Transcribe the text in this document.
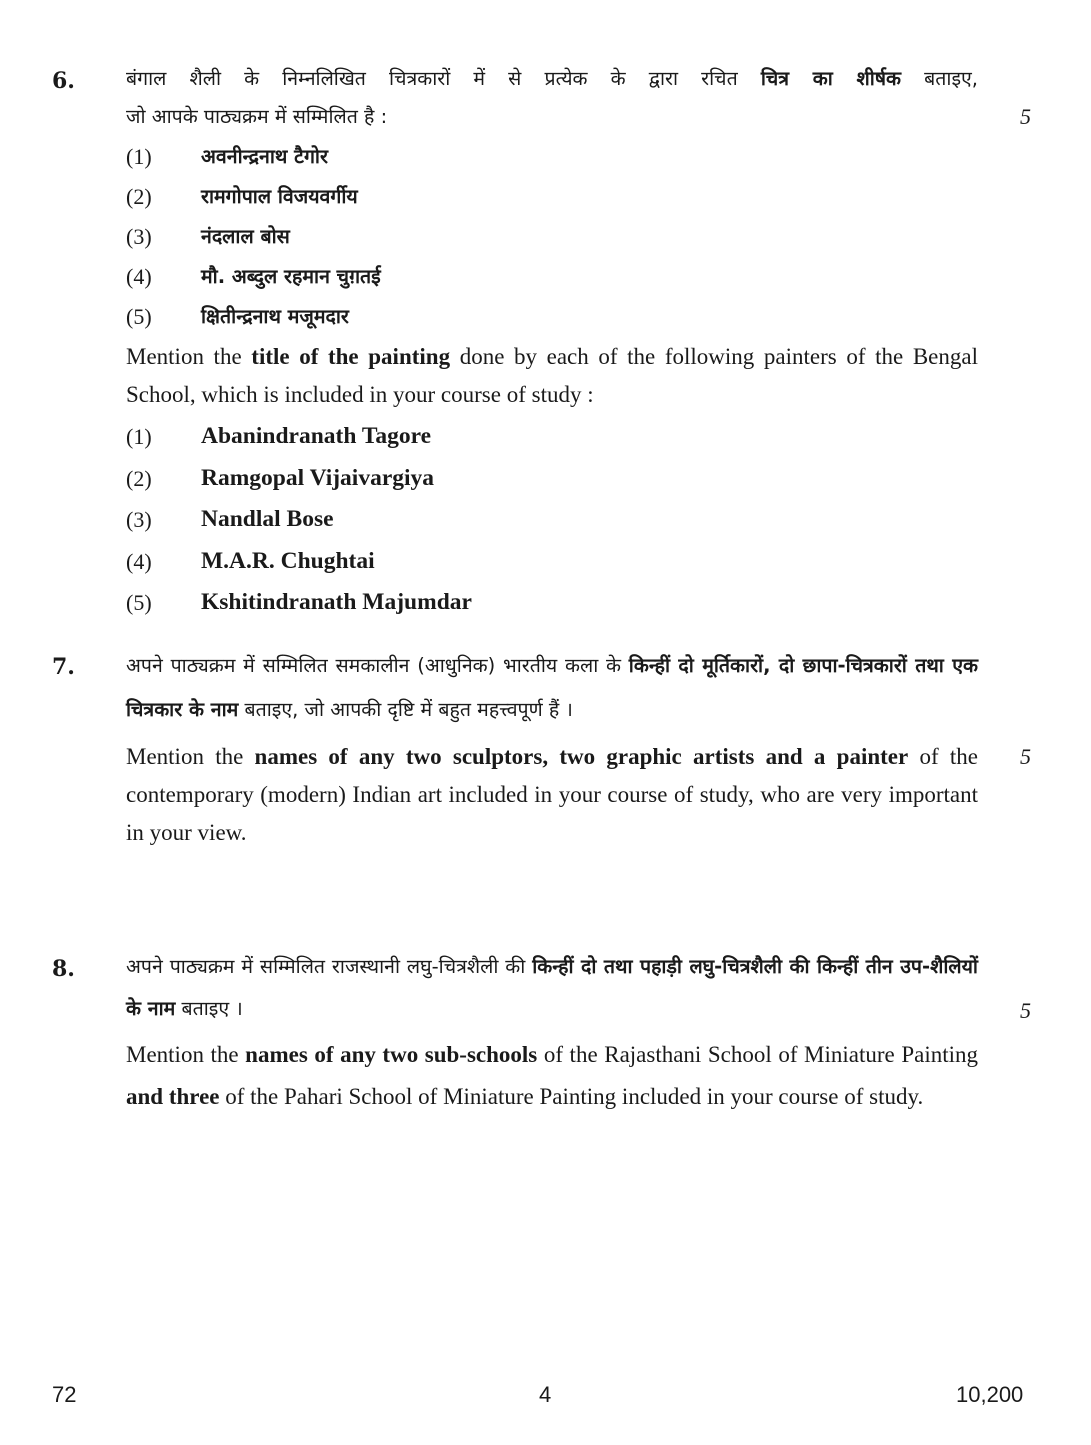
6.
5

बंगाल शैली के निम्नलिखित चित्रकारों में से प्रत्येक के द्वारा रचित चित्र का शीर्षक बताइए,

जो आपके पाठ्यक्रम में सम्मिलित है :

(1)	अवनीन्द्रनाथ टैगोर
(2)	रामगोपाल विजयवर्गीय
(3)	नंदलाल बोस
(4)	मौ. अब्दुल रहमान चुग़तई
(5)	क्षितीन्द्रनाथ मजूमदार

Mention the title of the painting done by each of the following painters of the Bengal School, which is included in your course of study :

(1) Abanindranath Tagore
(2) Ramgopal Vijaivargiya
(3) Nandlal Bose
(4) M.A.R. Chughtai
(5) Kshitindranath Majumdar
7.
5

अपने पाठ्यक्रम में सम्मिलित समकालीन (आधुनिक) भारतीय कला के किन्हीं दो मूर्तिकारों, दो छापा-चित्रकारों तथा एक चित्रकार के नाम बताइए, जो आपकी दृष्टि में बहुत महत्त्वपूर्ण हैं ।

Mention the names of any two sculptors, two graphic artists and a painter of the contemporary (modern) Indian art included in your course of study, who are very important in your view.

8.
5

अपने पाठ्यक्रम में सम्मिलित राजस्थानी लघु-चित्रशैली की किन्हीं दो तथा पहाड़ी लघु-चित्रशैली की किन्हीं तीन उप-शैलियों के नाम बताइए ।

Mention the names of any two sub-schools of the Rajasthani School of Miniature Painting and three of the Pahari School of Miniature Painting included in your course of study.

72	4	10,200
